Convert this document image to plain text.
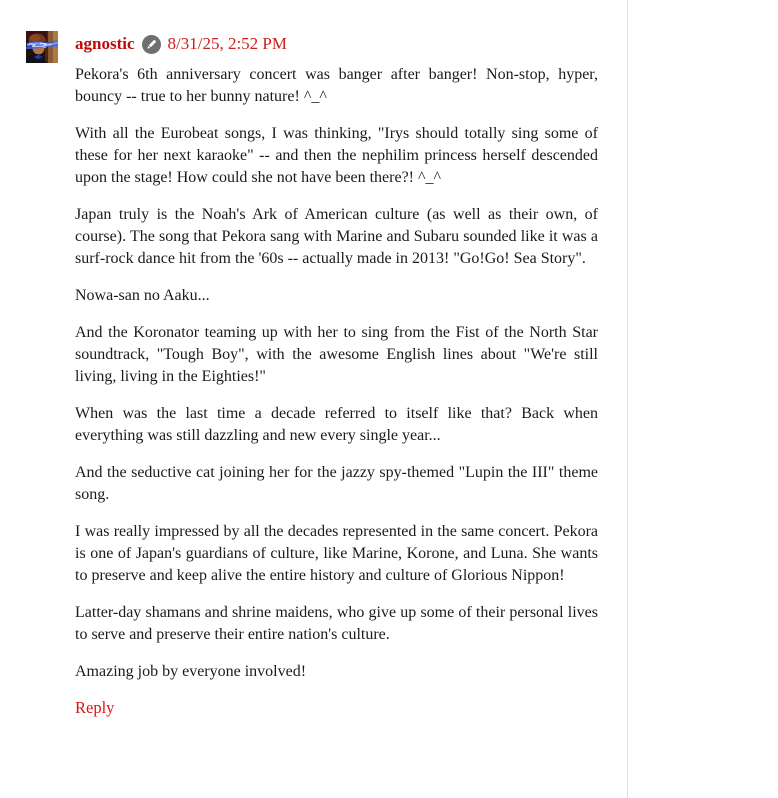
agnostic 8/31/25, 2:52 PM

Pekora's 6th anniversary concert was banger after banger! Non-stop, hyper, bouncy -- true to her bunny nature! ^_^

With all the Eurobeat songs, I was thinking, "Irys should totally sing some of these for her next karaoke" -- and then the nephilim princess herself descended upon the stage! How could she not have been there?! ^_^

Japan truly is the Noah's Ark of American culture (as well as their own, of course). The song that Pekora sang with Marine and Subaru sounded like it was a surf-rock dance hit from the '60s -- actually made in 2013! "Go!Go! Sea Story".

Nowa-san no Aaku...

And the Koronator teaming up with her to sing from the Fist of the North Star soundtrack, "Tough Boy", with the awesome English lines about "We're still living, living in the Eighties!"

When was the last time a decade referred to itself like that? Back when everything was still dazzling and new every single year...

And the seductive cat joining her for the jazzy spy-themed "Lupin the III" theme song.

I was really impressed by all the decades represented in the same concert. Pekora is one of Japan's guardians of culture, like Marine, Korone, and Luna. She wants to preserve and keep alive the entire history and culture of Glorious Nippon!

Latter-day shamans and shrine maidens, who give up some of their personal lives to serve and preserve their entire nation's culture.

Amazing job by everyone involved!

Reply
